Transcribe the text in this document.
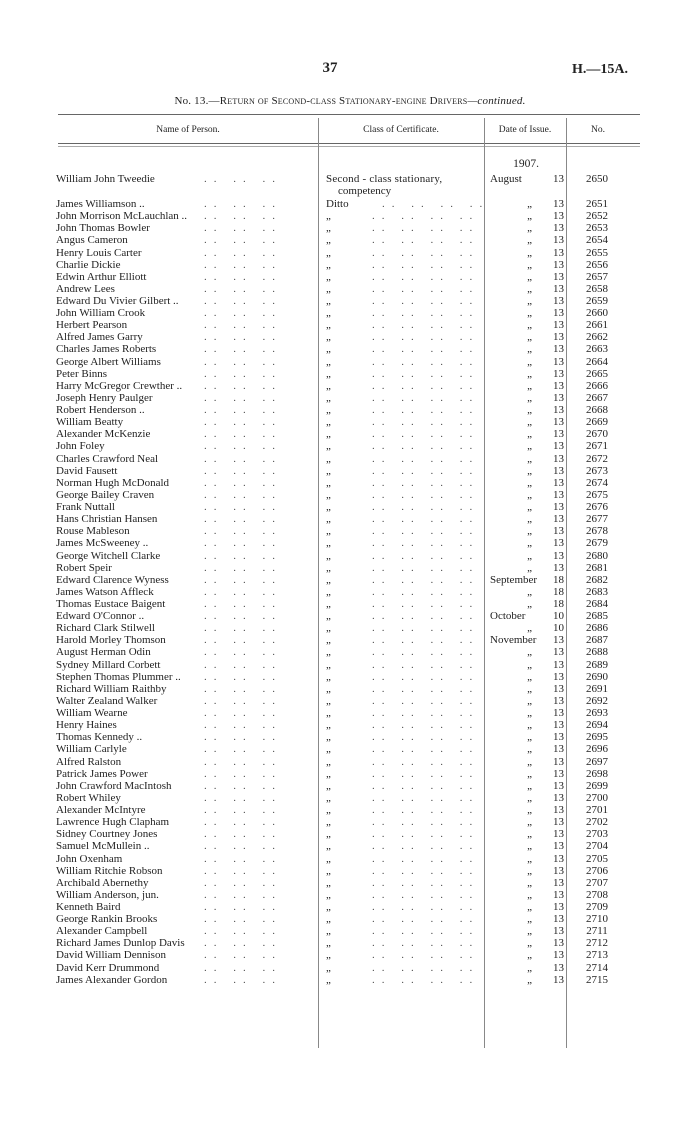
37	H.—15A.
No. 13.—Return of Second-class Stationary-engine Drivers—continued.
Name of Person.	Class of Certificate.	Date of Issue.	No.
1907.
William John Tweedie	.. .. ..	Second - class stationary,	August	13	2650
competency
James Williamson ..	.. .. ..	Ditto	.. .. .. ..	„	13	2651
John Morrison McLauchlan .. .. .. ..	„	.. .. .. ..	„	13	2652
John Thomas Bowler	.. .. ..	„	.. .. .. ..	„	13	2653
Angus Cameron	.. .. ..	„	.. .. .. ..	„	13	2654
Henry Louis Carter	.. .. ..	„	.. .. .. ..	„	13	2655
Charlie Dickie	.. .. ..	„	.. .. .. ..	„	13	2656
Edwin Arthur Elliott	.. .. ..	„	.. .. .. ..	„	13	2657
Andrew Lees	.. .. ..	„	.. .. .. ..	„	13	2658
Edward Du Vivier Gilbert .. .. .. ..	„	.. .. .. ..	„	13	2659
John William Crook	.. .. ..	„	.. .. .. ..	„	13	2660
Herbert Pearson	.. .. ..	„	.. .. .. ..	„	13	2661
Alfred James Garry	.. .. ..	„	.. .. .. ..	„	13	2662
Charles James Roberts	.. .. ..	„	.. .. .. ..	„	13	2663
George Albert Williams	.. .. ..	„	.. .. .. ..	„	13	2664
Peter Binns	.. .. ..	„	.. .. .. ..	„	13	2665
Harry McGregor Crewther .. .. .. ..	„	.. .. .. ..	„	13	2666
Joseph Henry Paulger	.. .. ..	„	.. .. .. ..	„	13	2667
Robert Henderson ..	.. .. ..	„	.. .. .. ..	„	13	2668
William Beatty	.. .. ..	„	.. .. .. ..	„	13	2669
Alexander McKenzie	.. .. ..	„	.. .. .. ..	„	13	2670
John Foley	.. .. ..	„	.. .. .. ..	„	13	2671
Charles Crawford Neal	.. .. ..	„	.. .. .. ..	„	13	2672
David Fausett	.. .. ..	„	.. .. .. ..	„	13	2673
Norman Hugh McDonald	.. .. ..	„	.. .. .. ..	„	13	2674
George Bailey Craven	.. .. ..	„	.. .. .. ..	„	13	2675
Frank Nuttall	.. .. ..	„	.. .. .. ..	„	13	2676
Hans Christian Hansen	.. .. ..	„	.. .. .. ..	„	13	2677
Rouse Mableson	.. .. ..	„	.. .. .. ..	„	13	2678
James McSweeney ..	.. .. ..	„	.. .. .. ..	„	13	2679
George Witchell Clarke	.. .. ..	„	.. .. .. ..	„	13	2680
Robert Speir	.. .. ..	„	.. .. .. ..	„	13	2681
Edward Clarence Wyness	.. .. ..	„	.. .. .. .. September	18	2682
James Watson Affleck	.. .. ..	„	.. .. .. ..	„	18	2683
Thomas Eustace Baigent	.. .. ..	„	.. .. .. ..	„	18	2684
Edward O'Connor ..	.. .. ..	„	.. .. .. .. October	10	2685
Richard Clark Stilwell	.. .. ..	„	.. .. .. ..	„	10	2686
Harold Morley Thomson	.. .. ..	„	.. .. .. .. November	13	2687
August Herman Odin	.. .. ..	„	.. .. .. ..	„	13	2688
Sydney Millard Corbett	.. .. ..	„	.. .. .. ..	„	13	2689
Stephen Thomas Plummer .. .. .. ..	„	.. .. .. ..	„	13	2690
Richard William Raithby	.. .. ..	„	.. .. .. ..	„	13	2691
Walter Zealand Walker	.. .. ..	„	.. .. .. ..	„	13	2692
William Wearne	.. .. ..	„	.. .. .. ..	„	13	2693
Henry Haines	.. .. ..	„	.. .. .. ..	„	13	2694
Thomas Kennedy ..	.. .. ..	„	.. .. .. ..	„	13	2695
William Carlyle	.. .. ..	„	.. .. .. ..	„	13	2696
Alfred Ralston	.. .. ..	„	.. .. .. ..	„	13	2697
Patrick James Power	.. .. ..	„	.. .. .. ..	„	13	2698
John Crawford MacIntosh	.. .. ..	„	.. .. .. ..	„	13	2699
Robert Whiley	.. .. ..	„	.. .. .. ..	„	13	2700
Alexander McIntyre	.. .. ..	„	.. .. .. ..	„	13	2701
Lawrence Hugh Clapham	.. .. ..	„	.. .. .. ..	„	13	2702
Sidney Courtney Jones	.. .. ..	„	.. .. .. ..	„	13	2703
Samuel McMullein ..	.. .. ..	„	.. .. .. ..	„	13	2704
John Oxenham	.. .. ..	„	.. .. .. ..	„	13	2705
William Ritchie Robson	.. .. ..	„	.. .. .. ..	„	13	2706
Archibald Abernethy	.. .. ..	„	.. .. .. ..	„	13	2707
William Anderson, jun.	.. .. ..	„	.. .. .. ..	„	13	2708
Kenneth Baird	.. .. ..	„	.. .. .. ..	„	13	2709
George Rankin Brooks	.. .. ..	„	.. .. .. ..	„	13	2710
Alexander Campbell	.. .. ..	„	.. .. .. ..	„	13	2711
Richard James Dunlop Davis .. .. ..	„	.. .. .. ..	„	13	2712
David William Dennison	.. .. ..	„	.. .. .. ..	„	13	2713
David Kerr Drummond	.. .. ..	„	.. .. .. ..	„	13	2714
James Alexander Gordon	.. .. ..	„	.. .. .. ..	„	13	2715
